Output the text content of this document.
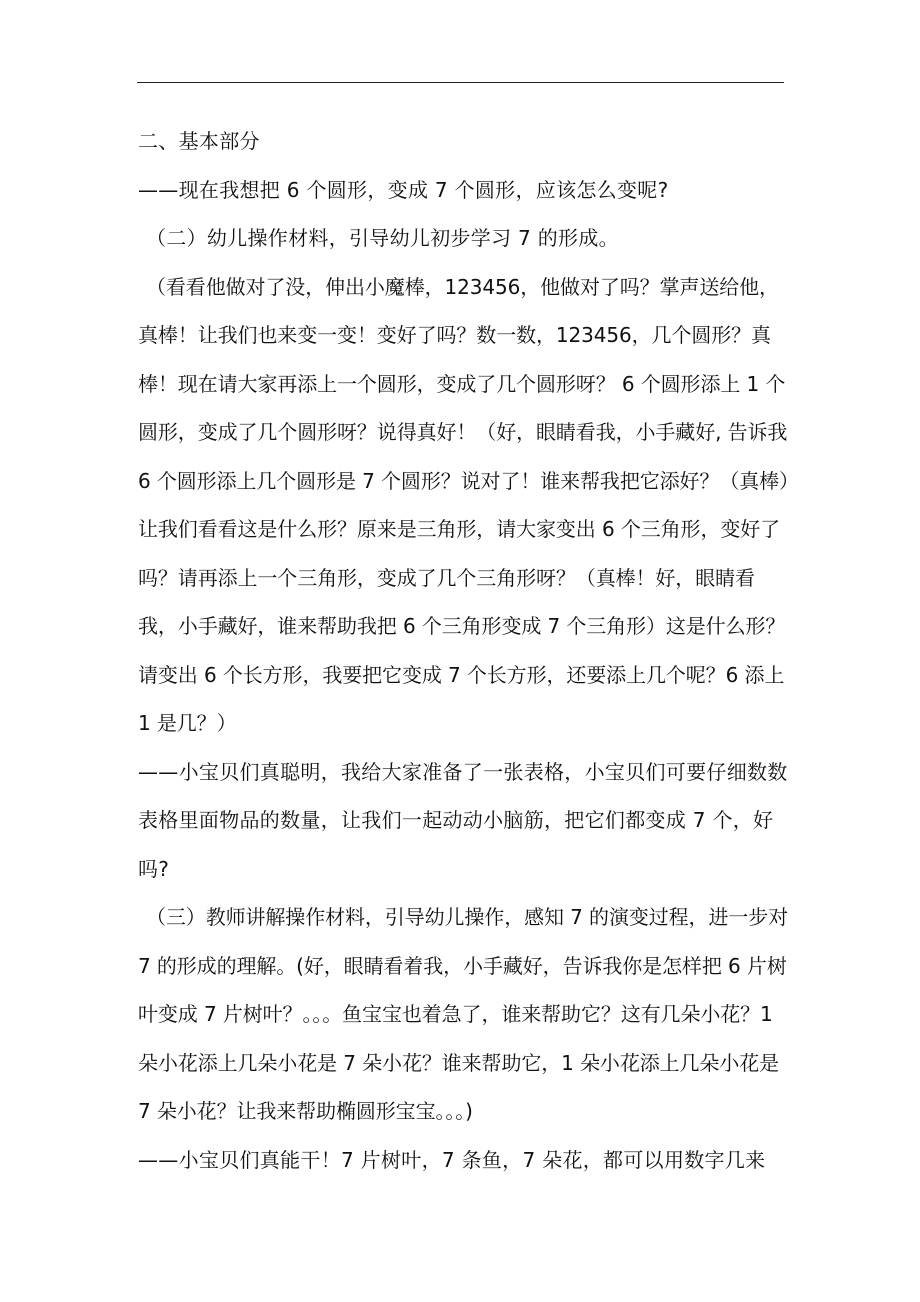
二、基本部分

——现在我想把 6 个圆形，变成 7 个圆形，应该怎么变呢?

（二）幼儿操作材料，引导幼儿初步学习 7 的形成。

（看看他做对了没，伸出小魔棒，123456，他做对了吗？掌声送给他，真棒！让我们也来变一变！变好了吗？数一数，123456，几个圆形？真棒！现在请大家再添上一个圆形，变成了几个圆形呀？ 6 个圆形添上 1 个圆形，变成了几个圆形呀？说得真好！（好，眼睛看我，小手藏好, 告诉我 6 个圆形添上几个圆形是 7 个圆形？说对了！谁来帮我把它添好？（真棒）让我们看看这是什么形？原来是三角形，请大家变出 6 个三角形，变好了吗？请再添上一个三角形，变成了几个三角形呀？（真棒！好，眼睛看我，小手藏好，谁来帮助我把 6 个三角形变成 7 个三角形）这是什么形？请变出 6 个长方形，我要把它变成 7 个长方形，还要添上几个呢？6 添上 1 是几？）

——小宝贝们真聪明，我给大家准备了一张表格，小宝贝们可要仔细数数表格里面物品的数量，让我们一起动动小脑筋，把它们都变成 7 个，好吗?

（三）教师讲解操作材料，引导幼儿操作，感知 7 的演变过程，进一步对 7 的形成的理解。(好，眼睛看着我，小手藏好，告诉我你是怎样把 6 片树叶变成 7 片树叶？。。。鱼宝宝也着急了，谁来帮助它？这有几朵小花？1 朵小花添上几朵小花是 7 朵小花？谁来帮助它，1 朵小花添上几朵小花是 7 朵小花？让我来帮助椭圆形宝宝。。。)

——小宝贝们真能干！7 片树叶，7 条鱼，7 朵花，都可以用数字几来
